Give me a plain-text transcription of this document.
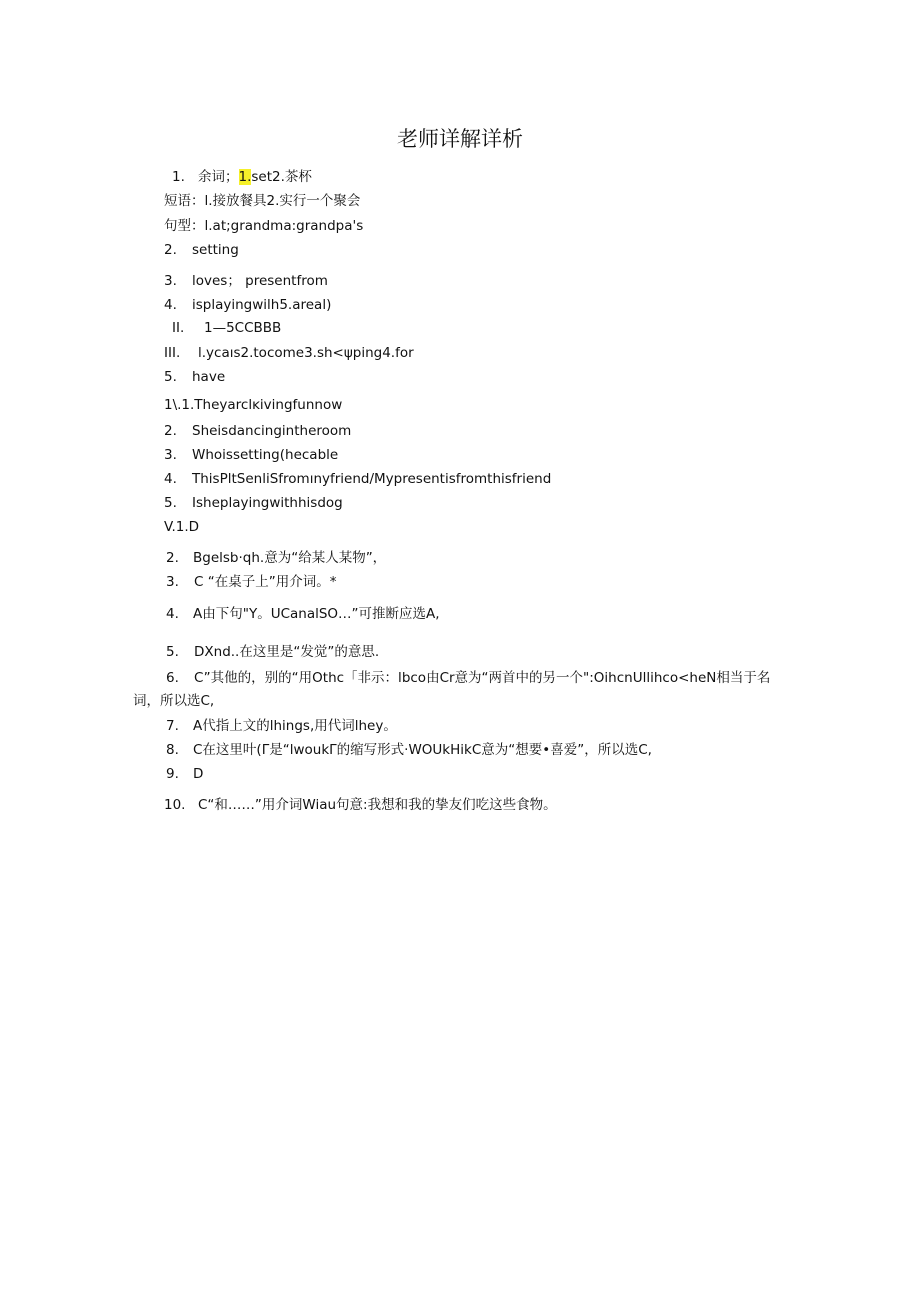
老师详解详析
1. 余词；1.set2.茶杯
短语：l.接放餐具2.实行一个聚会
句型：l.at;grandma:grandpa's
2. setting
3. loves； presentfrom
4. isplayingwilh5.areal)
II. 1—5CCBBB
III. l.ycaıs2.tocome3.sh<ψping4.for
5. have
1\.1.Theyarclĸivingfunnow
2. Sheisdancingintheroom
3. Whoissetting(hecable
4. ThisPltSenliSfromınyfriend/Mypresentisfromthisfriend
5. Isheplayingwithhisdog
V.1.D
2. Bgelsb·qh.意为“给某人某物”，
3. C “在桌子上”用介词。*
4. A由下句"Y。UCanalSO…”可推断应选A,
5. DXnd..在这里是“发觉”的意思.
6. C”其他的，别的“用Othc「非示：lbco由Cr意为“两首中的另一个":OihcnUllihco<heN相当于名词，所以选C,
7. A代指上文的lhings,用代词lhey。
8. C在这里叶(Γ是“lwoukΓ的缩写形式·WOUkHikC意为“想要•喜爱”，所以选C,
9. D
10. C“和……”用介词Wiau句意:我想和我的挚友们吃这些食物。
